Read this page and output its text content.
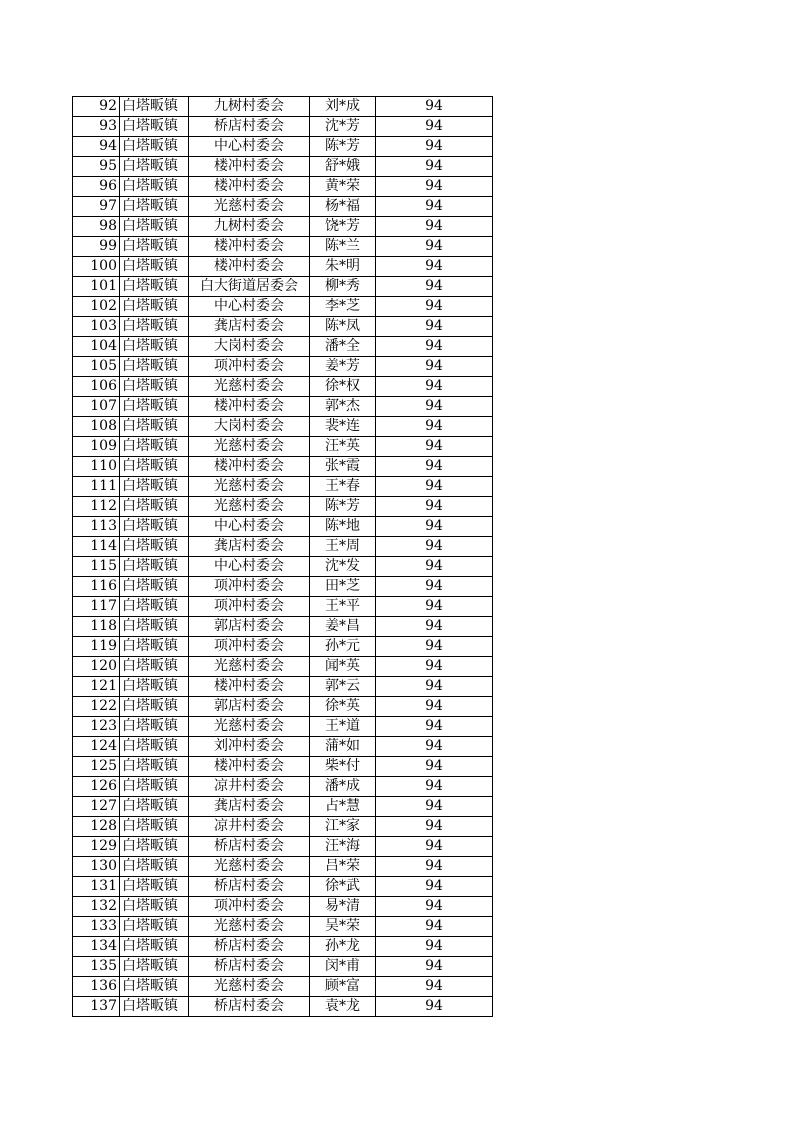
92	白塔畈镇	九树村委会	刘*成	94
93	白塔畈镇	桥店村委会	沈*芳	94
94	白塔畈镇	中心村委会	陈*芳	94
95	白塔畈镇	楼冲村委会	舒*娥	94
96	白塔畈镇	楼冲村委会	黄*荣	94
97	白塔畈镇	光慈村委会	杨*福	94
98	白塔畈镇	九树村委会	饶*芳	94
99	白塔畈镇	楼冲村委会	陈*兰	94
100	白塔畈镇	楼冲村委会	朱*明	94
101	白塔畈镇	白大街道居委会	柳*秀	94
102	白塔畈镇	中心村委会	李*芝	94
103	白塔畈镇	龚店村委会	陈*凤	94
104	白塔畈镇	大岗村委会	潘*全	94
105	白塔畈镇	项冲村委会	姜*芳	94
106	白塔畈镇	光慈村委会	徐*权	94
107	白塔畈镇	楼冲村委会	郭*杰	94
108	白塔畈镇	大岗村委会	裴*连	94
109	白塔畈镇	光慈村委会	汪*英	94
110	白塔畈镇	楼冲村委会	张*霞	94
111	白塔畈镇	光慈村委会	王*春	94
112	白塔畈镇	光慈村委会	陈*芳	94
113	白塔畈镇	中心村委会	陈*地	94
114	白塔畈镇	龚店村委会	王*周	94
115	白塔畈镇	中心村委会	沈*发	94
116	白塔畈镇	项冲村委会	田*芝	94
117	白塔畈镇	项冲村委会	王*平	94
118	白塔畈镇	郭店村委会	姜*昌	94
119	白塔畈镇	项冲村委会	孙*元	94
120	白塔畈镇	光慈村委会	闻*英	94
121	白塔畈镇	楼冲村委会	郭*云	94
122	白塔畈镇	郭店村委会	徐*英	94
123	白塔畈镇	光慈村委会	王*道	94
124	白塔畈镇	刘冲村委会	蒲*如	94
125	白塔畈镇	楼冲村委会	柴*付	94
126	白塔畈镇	凉井村委会	潘*成	94
127	白塔畈镇	龚店村委会	占*慧	94
128	白塔畈镇	凉井村委会	江*家	94
129	白塔畈镇	桥店村委会	汪*海	94
130	白塔畈镇	光慈村委会	吕*荣	94
131	白塔畈镇	桥店村委会	徐*武	94
132	白塔畈镇	项冲村委会	易*清	94
133	白塔畈镇	光慈村委会	吴*荣	94
134	白塔畈镇	桥店村委会	孙*龙	94
135	白塔畈镇	桥店村委会	闵*甫	94
136	白塔畈镇	光慈村委会	顾*富	94
137	白塔畈镇	桥店村委会	袁*龙	94
